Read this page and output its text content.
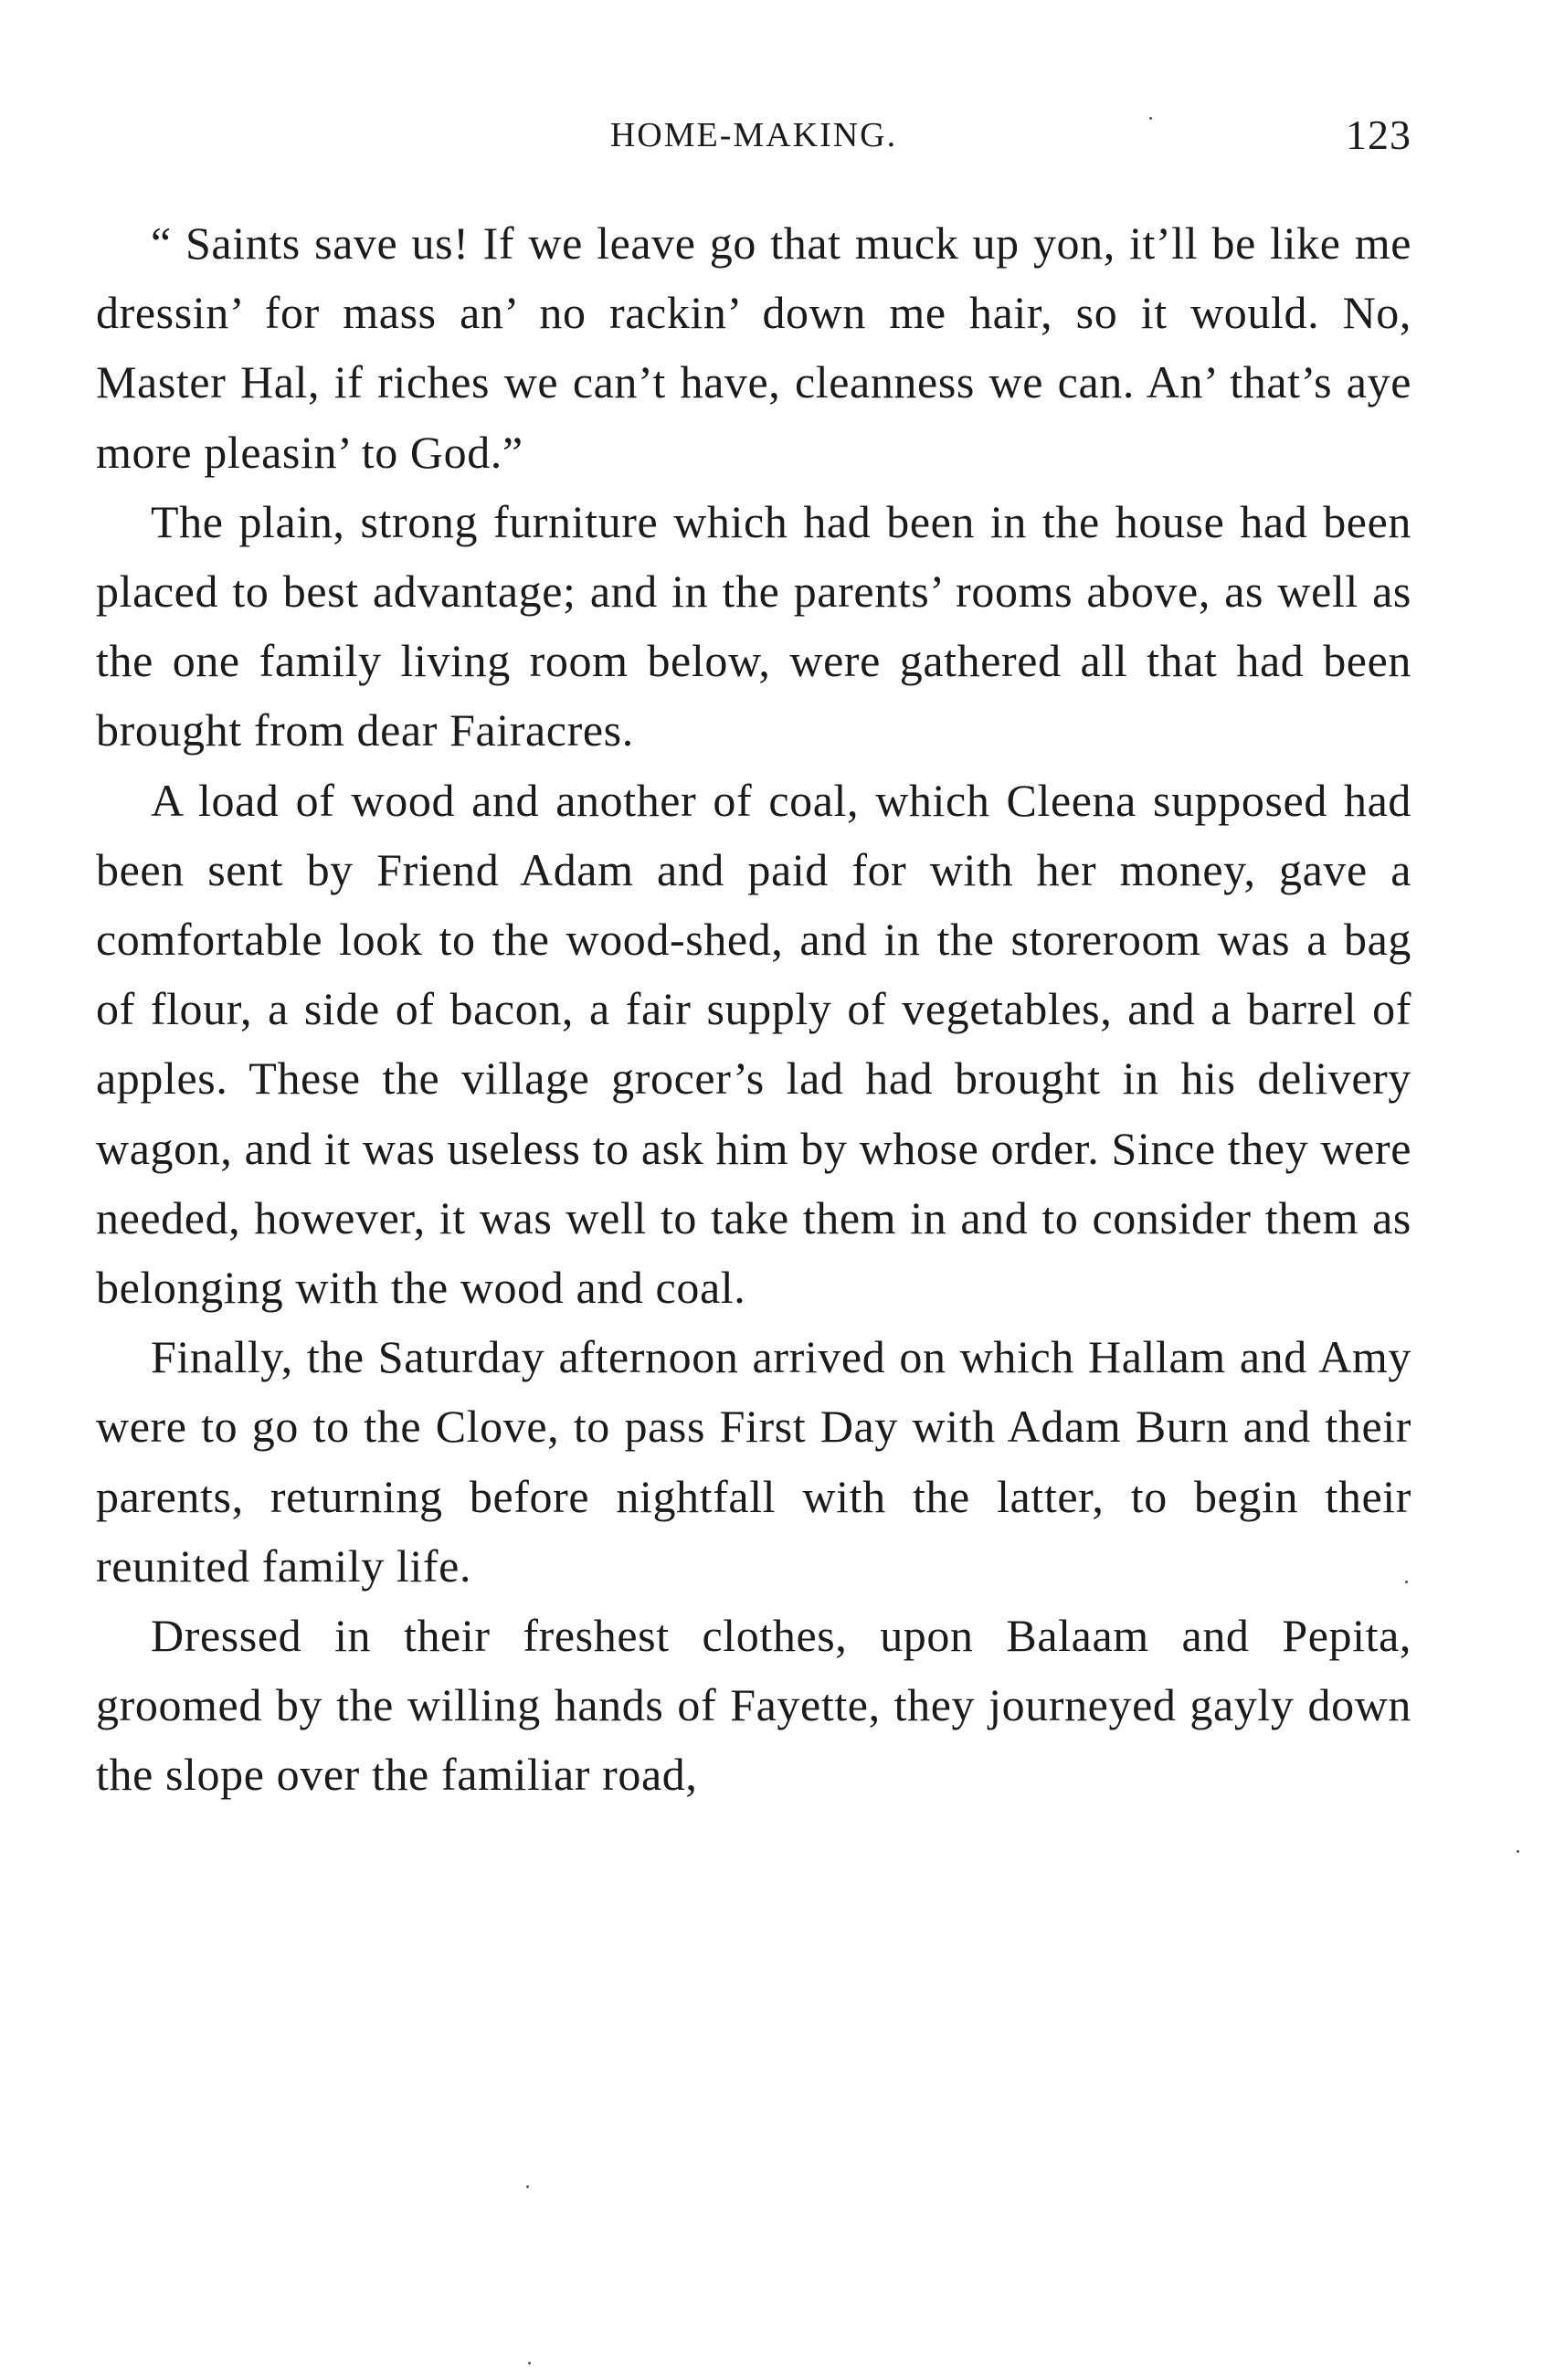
HOME-MAKING.	123

“ Saints save us! If we leave go that muck up yon, it’ll be like me dressin’ for mass an’ no rackin’ down me hair, so it would. No, Master Hal, if riches we can’t have, cleanness we can. An’ that’s aye more pleasin’ to God.”

The plain, strong furniture which had been in the house had been placed to best advantage; and in the parents’ rooms above, as well as the one family living room below, were gathered all that had been brought from dear Fairacres.

A load of wood and another of coal, which Cleena supposed had been sent by Friend Adam and paid for with her money, gave a comfortable look to the wood-shed, and in the storeroom was a bag of flour, a side of bacon, a fair supply of vegetables, and a barrel of apples. These the village grocer’s lad had brought in his delivery wagon, and it was useless to ask him by whose order. Since they were needed, however, it was well to take them in and to consider them as belonging with the wood and coal.

Finally, the Saturday afternoon arrived on which Hallam and Amy were to go to the Clove, to pass First Day with Adam Burn and their parents, returning before nightfall with the latter, to begin their reunited family life.

Dressed in their freshest clothes, upon Balaam and Pepita, groomed by the willing hands of Fayette, they journeyed gayly down the slope over the familiar road,
